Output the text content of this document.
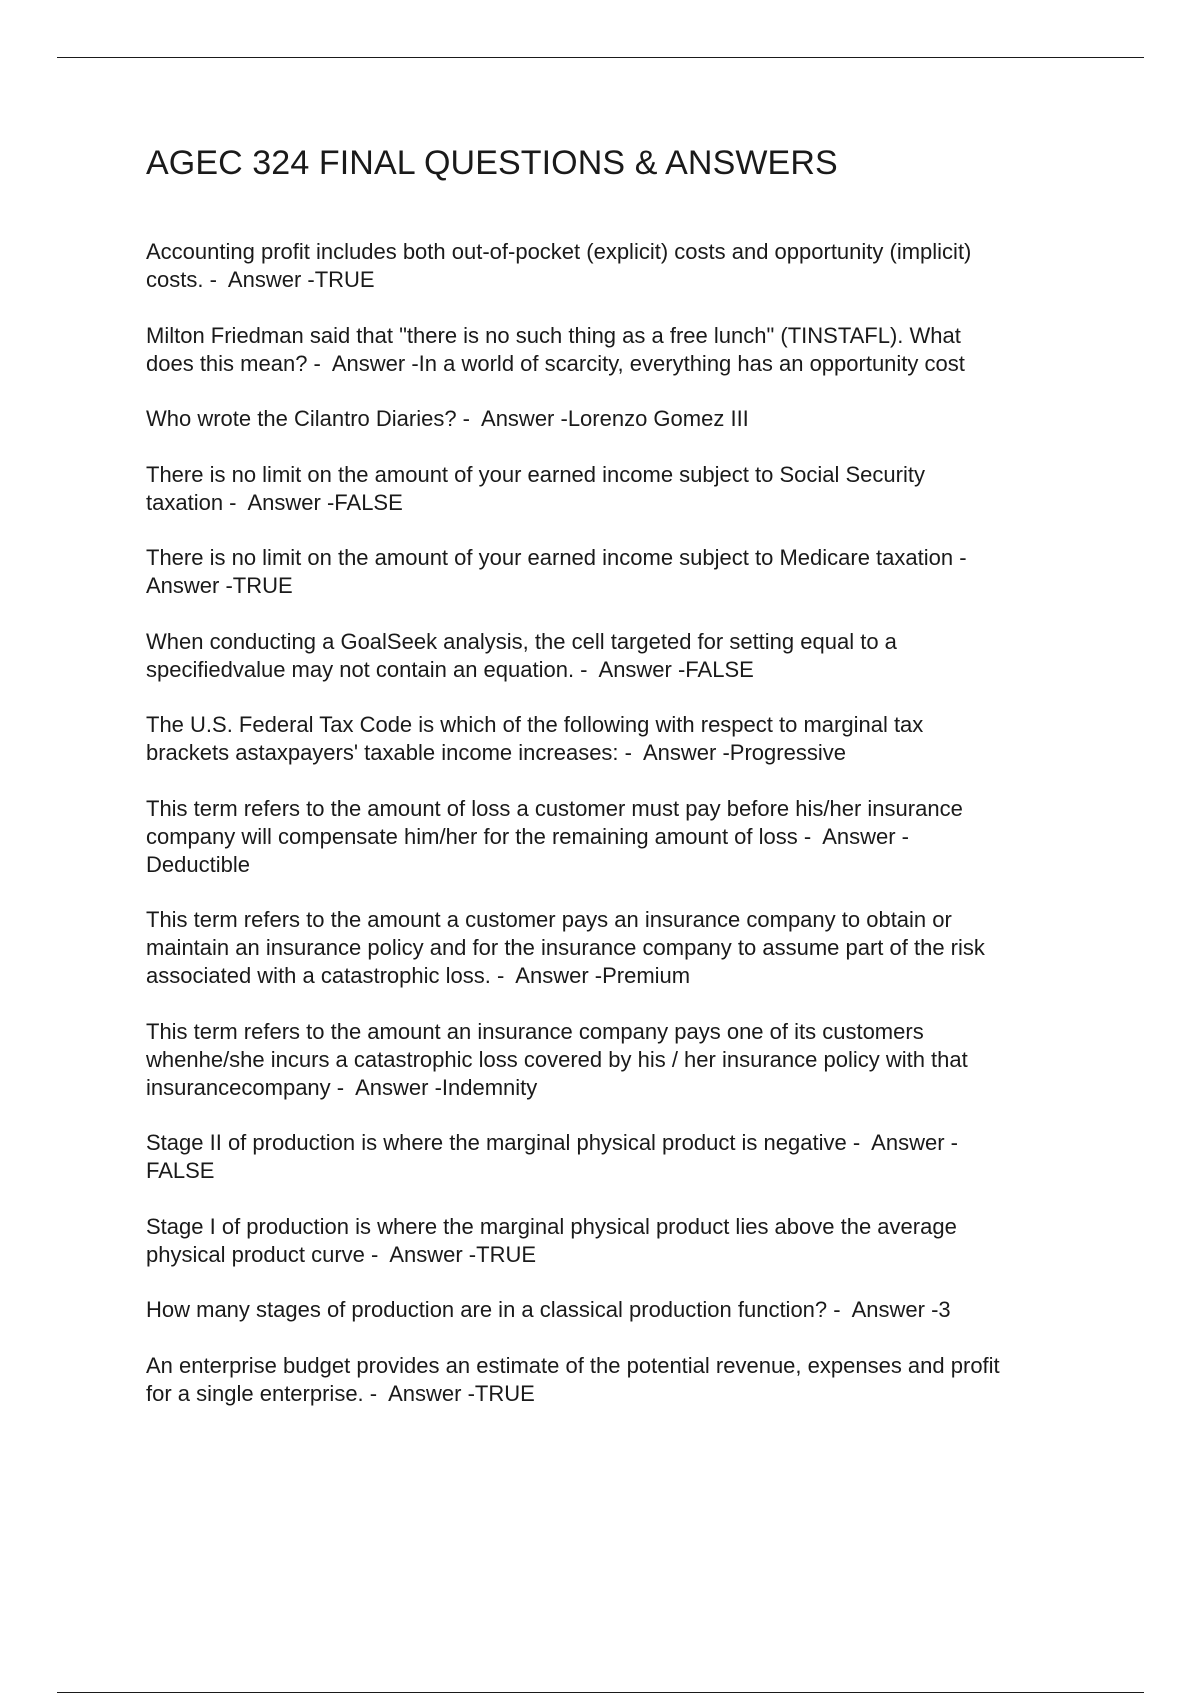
AGEC 324 FINAL QUESTIONS & ANSWERS
Accounting profit includes both out-of-pocket (explicit) costs and opportunity (implicit)
costs. -  Answer -TRUE
Milton Friedman said that "there is no such thing as a free lunch" (TINSTAFL). What
does this mean? -  Answer -In a world of scarcity, everything has an opportunity cost
Who wrote the Cilantro Diaries? -  Answer -Lorenzo Gomez III
There is no limit on the amount of your earned income subject to Social Security
taxation -  Answer -FALSE
There is no limit on the amount of your earned income subject to Medicare taxation -
Answer -TRUE
When conducting a GoalSeek analysis, the cell targeted for setting equal to a
specifiedvalue may not contain an equation. -  Answer -FALSE
The U.S. Federal Tax Code is which of the following with respect to marginal tax
brackets astaxpayers' taxable income increases: -  Answer -Progressive
This term refers to the amount of loss a customer must pay before his/her insurance
company will compensate him/her for the remaining amount of loss -  Answer -
Deductible
This term refers to the amount a customer pays an insurance company to obtain or
maintain an insurance policy and for the insurance company to assume part of the risk
associated with a catastrophic loss. -  Answer -Premium
This term refers to the amount an insurance company pays one of its customers
whenhe/she incurs a catastrophic loss covered by his / her insurance policy with that
insurancecompany -  Answer -Indemnity
Stage II of production is where the marginal physical product is negative -  Answer -
FALSE
Stage I of production is where the marginal physical product lies above the average
physical product curve -  Answer -TRUE
How many stages of production are in a classical production function? -  Answer -3
An enterprise budget provides an estimate of the potential revenue, expenses and profit
for a single enterprise. -  Answer -TRUE
